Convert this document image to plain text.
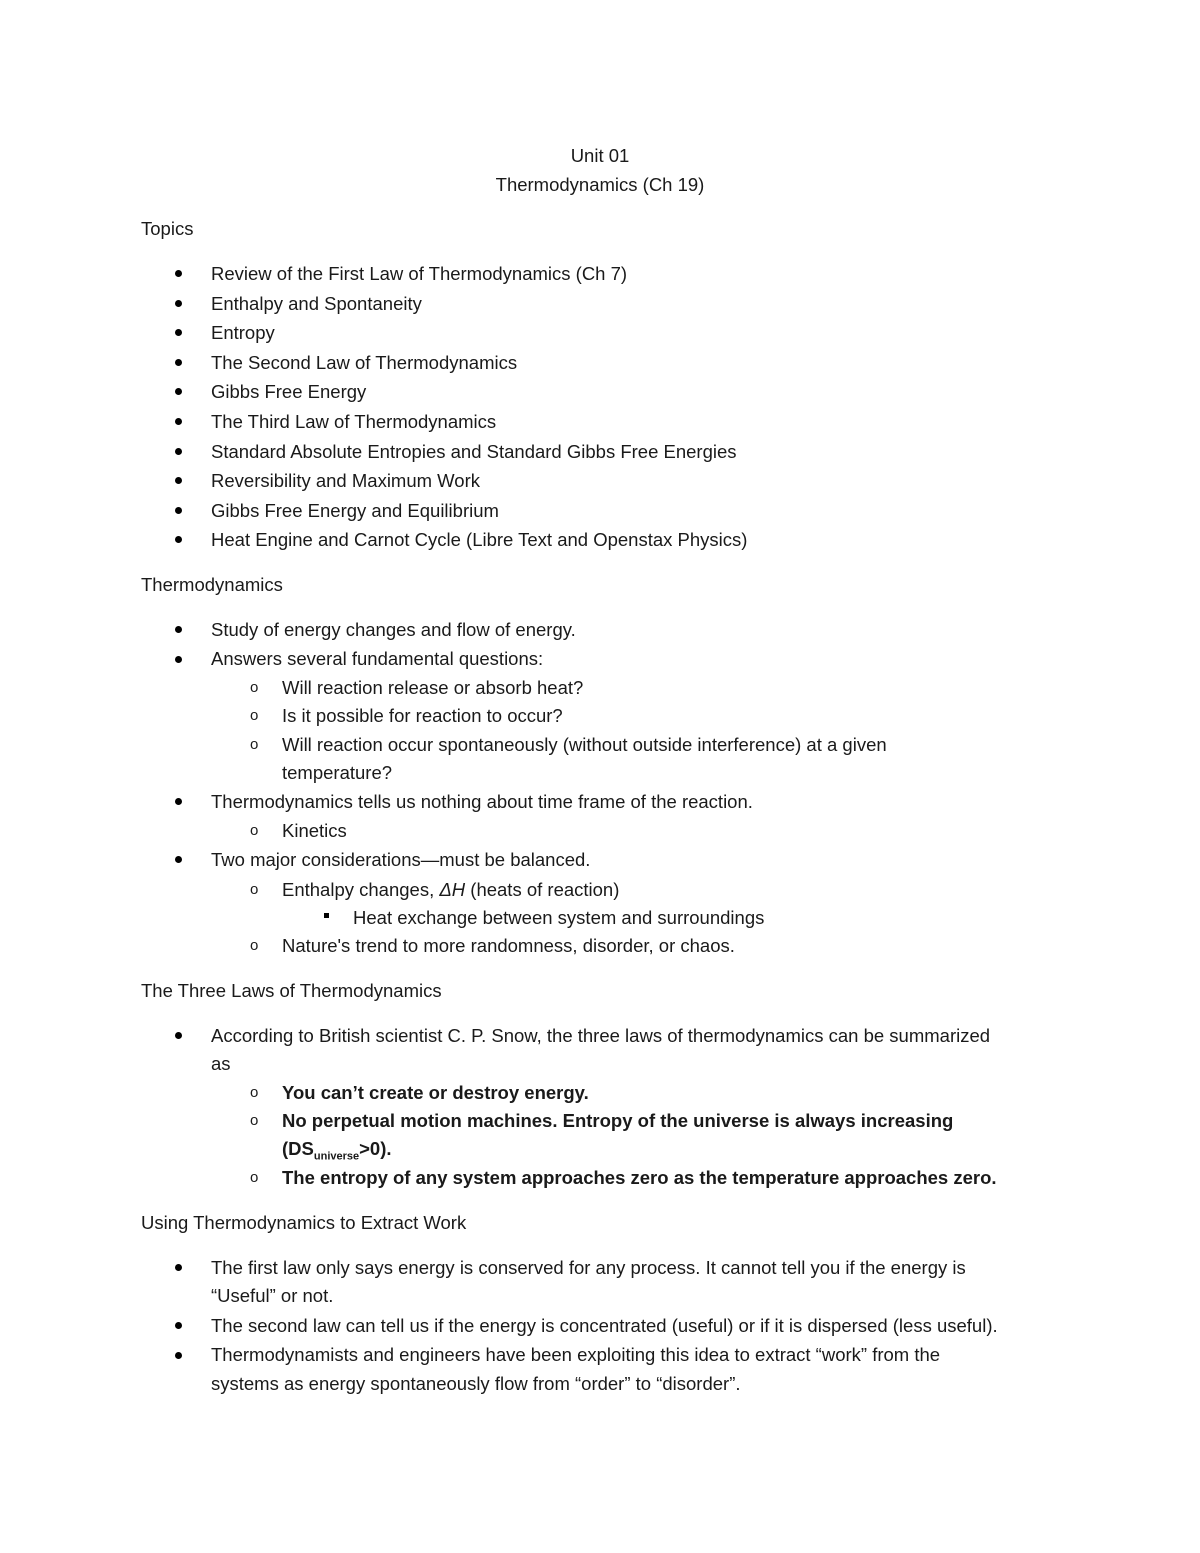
Unit 01
Thermodynamics (Ch 19)
Topics
Review of the First Law of Thermodynamics (Ch 7)
Enthalpy and Spontaneity
Entropy
The Second Law of Thermodynamics
Gibbs Free Energy
The Third Law of Thermodynamics
Standard Absolute Entropies and Standard Gibbs Free Energies
Reversibility and Maximum Work
Gibbs Free Energy and Equilibrium
Heat Engine and Carnot Cycle (Libre Text and Openstax Physics)
Thermodynamics
Study of energy changes and flow of energy.
Answers several fundamental questions:
o Will reaction release or absorb heat?
o Is it possible for reaction to occur?
o Will reaction occur spontaneously (without outside interference) at a given
temperature?
Thermodynamics tells us nothing about time frame of the reaction.
o Kinetics
Two major considerations—must be balanced.
o Enthalpy changes, ΔH (heats of reaction)
Heat exchange between system and surroundings
o Nature's trend to more randomness, disorder, or chaos.
The Three Laws of Thermodynamics
According to British scientist C. P. Snow, the three laws of thermodynamics can be summarized
as
o You can’t create or destroy energy.
o No perpetual motion machines. Entropy of the universe is always increasing
$(DS_{universe}>0)$.
o The entropy of any system approaches zero as the temperature approaches zero.
Using Thermodynamics to Extract Work
The first law only says energy is conserved for any process. It cannot tell you if the energy is
“Useful” or not.
The second law can tell us if the energy is concentrated (useful) or if it is dispersed (less useful).
Thermodynamists and engineers have been exploiting this idea to extract “work” from the
systems as energy spontaneously flow from “order” to “disorder”.
